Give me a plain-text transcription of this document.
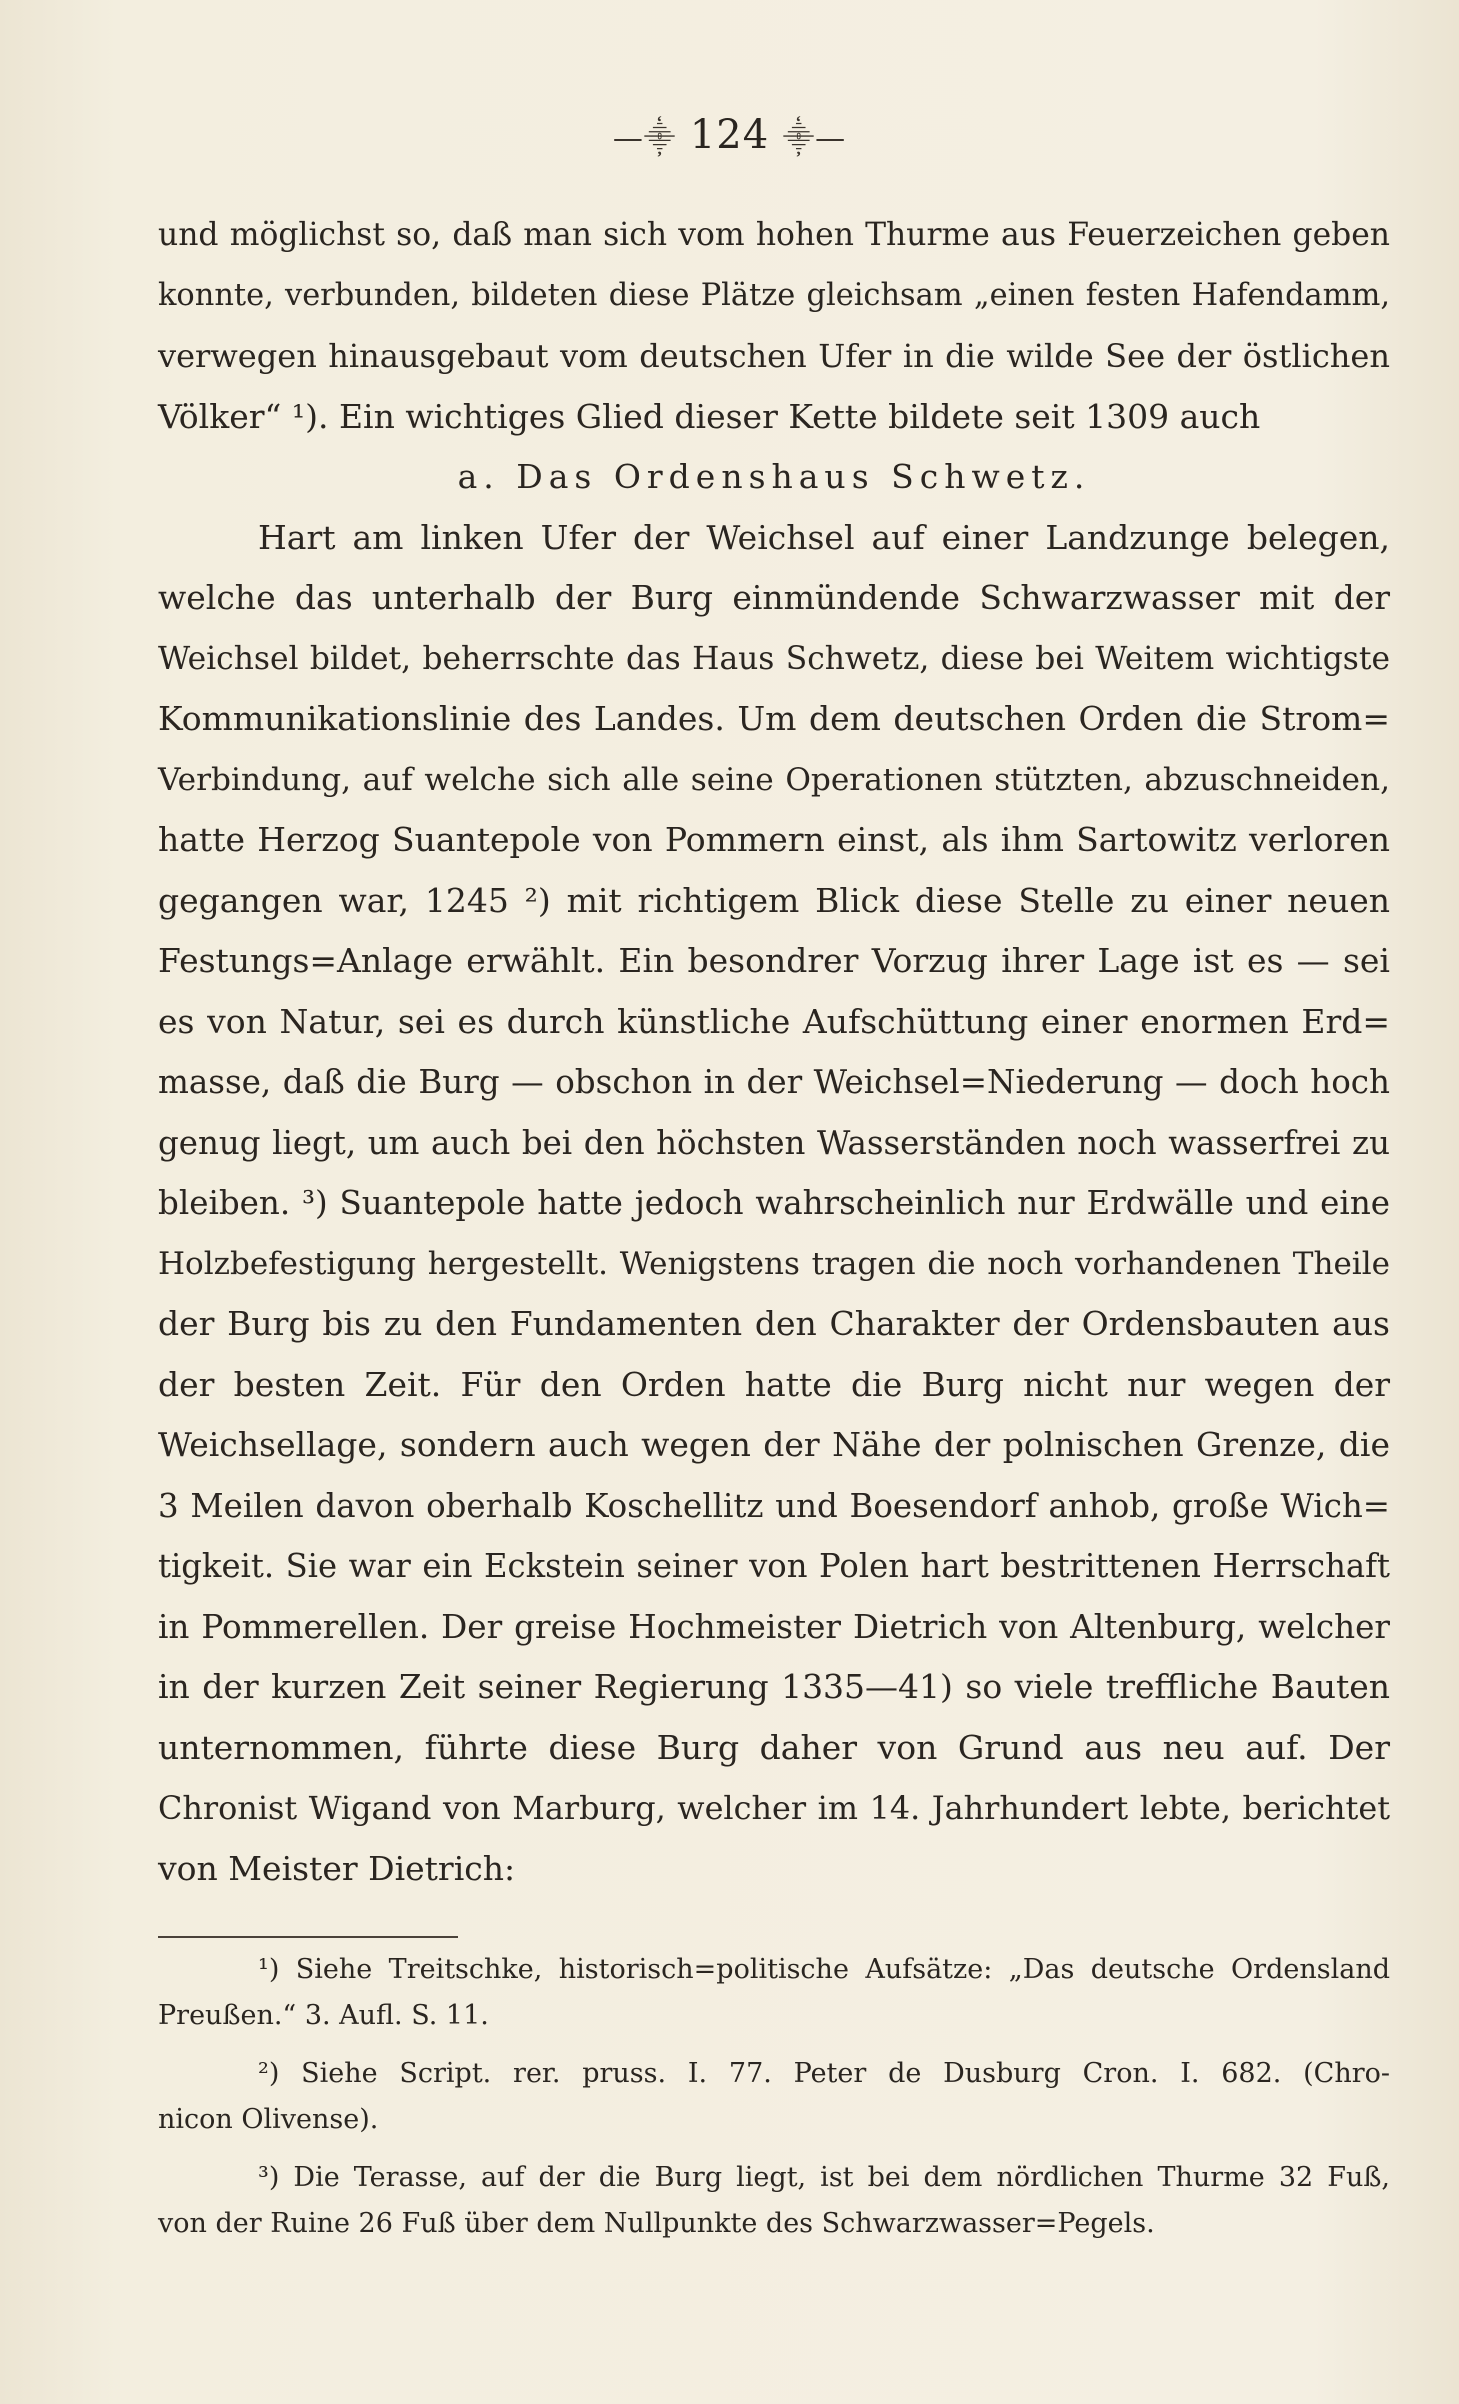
—⸎ 124 ⸎—
und möglichst so, daß man sich vom hohen Thurme aus Feuerzeichen geben
konnte, verbunden, bildeten diese Plätze gleichsam „einen festen Hafendamm,
verwegen hinausgebaut vom deutschen Ufer in die wilde See der östlichen
Völker“ ¹). Ein wichtiges Glied dieser Kette bildete seit 1309 auch
a. Das Ordenshaus Schwetz.
Hart am linken Ufer der Weichsel auf einer Landzunge belegen,
welche das unterhalb der Burg einmündende Schwarzwasser mit der
Weichsel bildet, beherrschte das Haus Schwetz, diese bei Weitem wichtigste
Kommunikationslinie des Landes. Um dem deutschen Orden die Strom=
Verbindung, auf welche sich alle seine Operationen stützten, abzuschneiden,
hatte Herzog Suantepole von Pommern einst, als ihm Sartowitz verloren
gegangen war, 1245 ²) mit richtigem Blick diese Stelle zu einer neuen
Festungs=Anlage erwählt. Ein besondrer Vorzug ihrer Lage ist es — sei
es von Natur, sei es durch künstliche Aufschüttung einer enormen Erd=
masse, daß die Burg — obschon in der Weichsel=Niederung — doch hoch
genug liegt, um auch bei den höchsten Wasserständen noch wasserfrei zu
bleiben. ³) Suantepole hatte jedoch wahrscheinlich nur Erdwälle und eine
Holzbefestigung hergestellt. Wenigstens tragen die noch vorhandenen Theile
der Burg bis zu den Fundamenten den Charakter der Ordensbauten aus
der besten Zeit. Für den Orden hatte die Burg nicht nur wegen der
Weichsellage, sondern auch wegen der Nähe der polnischen Grenze, die
3 Meilen davon oberhalb Koschellitz und Boesendorf anhob, große Wich=
tigkeit. Sie war ein Eckstein seiner von Polen hart bestrittenen Herrschaft
in Pommerellen. Der greise Hochmeister Dietrich von Altenburg, welcher
in der kurzen Zeit seiner Regierung 1335—41) so viele treffliche Bauten
unternommen, führte diese Burg daher von Grund aus neu auf. Der
Chronist Wigand von Marburg, welcher im 14. Jahrhundert lebte, berichtet
von Meister Dietrich:
¹) Siehe Treitschke, historisch=politische Aufsätze: „Das deutsche Ordensland
Preußen.“ 3. Aufl. S. 11.
²) Siehe Script. rer. pruss. I. 77. Peter de Dusburg Cron. I. 682. (Chro-
nicon Olivense).
³) Die Terasse, auf der die Burg liegt, ist bei dem nördlichen Thurme 32 Fuß,
von der Ruine 26 Fuß über dem Nullpunkte des Schwarzwasser=Pegels.
